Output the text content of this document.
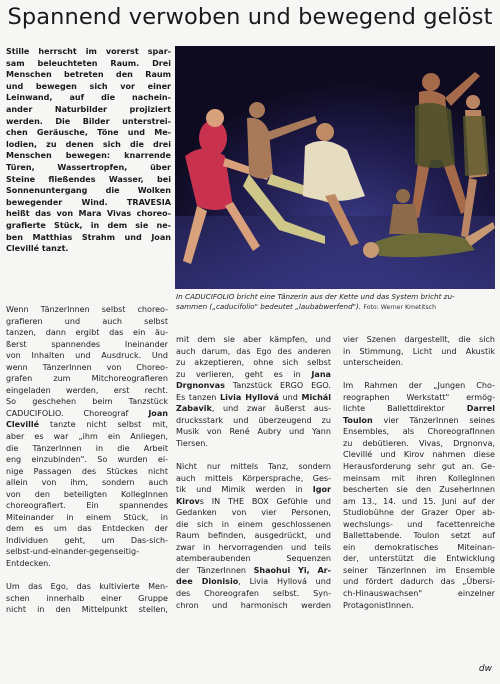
Spannend verwoben und bewegend gelöst
Stille herrscht im vorerst spar-
sam beleuchteten Raum. Drei
Menschen betreten den Raum
und bewegen sich vor einer
Leinwand, auf die nachein-
ander Naturbilder projiziert
werden. Die Bilder unterstrei-
chen Geräusche, Töne und Me-
lodien, zu denen sich die drei
Menschen bewegen: knarrende
Türen, Wassertropfen, über
Steine fließendes Wasser, bei
Sonnenuntergang die Wolken
bewegender Wind. TRAVESIA
heißt das von Mara Vivas choreo-
grafierte Stück, in dem sie ne-
ben Matthias Strahm und Joan
Clevillé tanzt.
In CADUCIFOLIO bricht eine Tänzerin aus der Kette und das System bricht zu-
sammen („caducifolio" bedeutet „laubabwerfend"). Foto: Werner Kmetitsch

Wenn TänzerInnen selbst choreo-
grafieren und auch selbst
tanzen, dann ergibt das ein äu-
ßerst spannendes Ineinander
von Inhalten und Ausdruck. Und
wenn TänzerInnen von Choreo-
grafen zum Mitchoreografieren
eingeladen werden, erst recht.
So geschehen beim Tanzstück
CADUCIFOLIO. Choreograf Joan
Clevillé tanzte nicht selbst mit,
aber es war „ihm ein Anliegen,
die TänzerInnen in die Arbeit
eng einzubinden". So wurden ei-
nige Passagen des Stückes nicht
allein von ihm, sondern auch
von den beteiligten KollegInnen
choreografiert. Ein spannendes
Miteinander in einem Stück, in
dem es um das Entdecken der
Individuen geht, um Das-sich-
selbst-und-einander-gegenseitig-
Entdecken.

Um das Ego, das kultivierte Men-
schen innerhalb einer Gruppe
nicht in den Mittelpunkt stellen,

mit dem sie aber kämpfen, und
auch darum, das Ego des anderen
zu akzeptieren, ohne sich selbst
zu verlieren, geht es in Jana
Drgnonvas Tanzstück ERGO EGO.
Es tanzen Livia Hyllová und Michál
Zabavik, und zwar äußerst aus-
drucksstark und überzeugend zu
Musik von René Aubry und Yann
Tiersen.

Nicht nur mittels Tanz, sondern
auch mittels Körpersprache, Ges-
tik und Mimik werden in Igor
Kirovs IN THE BOX Gefühle und
Gedanken von vier Personen,
die sich in einem geschlossenen
Raum befinden, ausgedrückt, und
zwar in hervorragenden und teils
atemberaubenden Sequenzen
der TänzerInnen Shaohui Yi, Ar-
dee Dionisio, Livia Hyllová und
des Choreografen selbst. Syn-
chron und harmonisch werden

vier Szenen dargestellt, die sich
in Stimmung, Licht und Akustik
unterscheiden.

Im Rahmen der „Jungen Cho-
reographen Werkstatt" ermög-
lichte Ballettdirektor Darrel
Toulon vier TänzerInnen seines
Ensembles, als ChoreografInnen
zu debütieren. Vivas, Drgnonva,
Clevillé und Kirov nahmen diese
Herausforderung sehr gut an. Ge-
meinsam mit ihren KollegInnen
bescherten sie den ZuseherInnen
am 13., 14. und 15. Juni auf der
Studiobühne der Grazer Oper ab-
wechslungs- und facettenreiche
Ballettabende. Toulon setzt auf
ein demokratisches Miteinan-
der, unterstützt die Entwicklung
seiner TänzerInnen im Ensemble
und fördert dadurch das „Übersi-
ch-Hinauswachsen" einzelner
ProtagonistInnen.

dw
